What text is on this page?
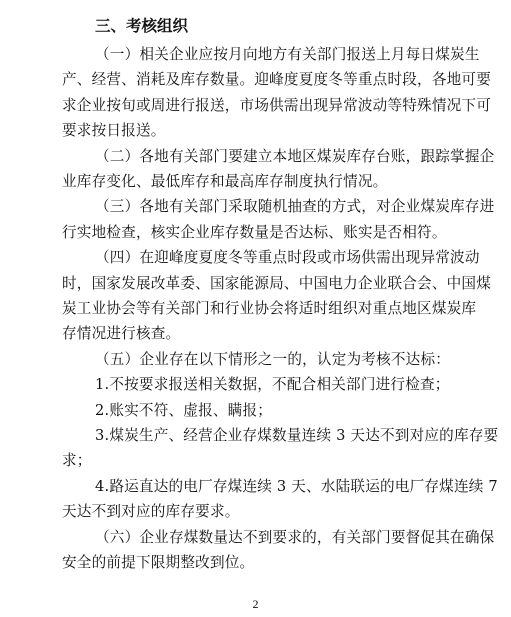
三、考核组织
（一）相关企业应按月向地方有关部门报送上月每日煤炭生
产、经营、消耗及库存数量。迎峰度夏度冬等重点时段，各地可要
求企业按旬或周进行报送，市场供需出现异常波动等特殊情况下可
要求按日报送。
（二）各地有关部门要建立本地区煤炭库存台账，跟踪掌握企
业库存变化、最低库存和最高库存制度执行情况。
（三）各地有关部门采取随机抽查的方式，对企业煤炭库存进
行实地检查，核实企业库存数量是否达标、账实是否相符。
（四）在迎峰度夏度冬等重点时段或市场供需出现异常波动
时，国家发展改革委、国家能源局、中国电力企业联合会、中国煤
炭工业协会等有关部门和行业协会将适时组织对重点地区煤炭库
存情况进行核查。
（五）企业存在以下情形之一的，认定为考核不达标：
1.不按要求报送相关数据，不配合相关部门进行检查；
2.账实不符、虚报、瞒报；
3.煤炭生产、经营企业存煤数量连续 3 天达不到对应的库存要
求；
4.路运直达的电厂存煤连续 3 天、水陆联运的电厂存煤连续 7
天达不到对应的库存要求。
（六）企业存煤数量达不到要求的，有关部门要督促其在确保
安全的前提下限期整改到位。
2
